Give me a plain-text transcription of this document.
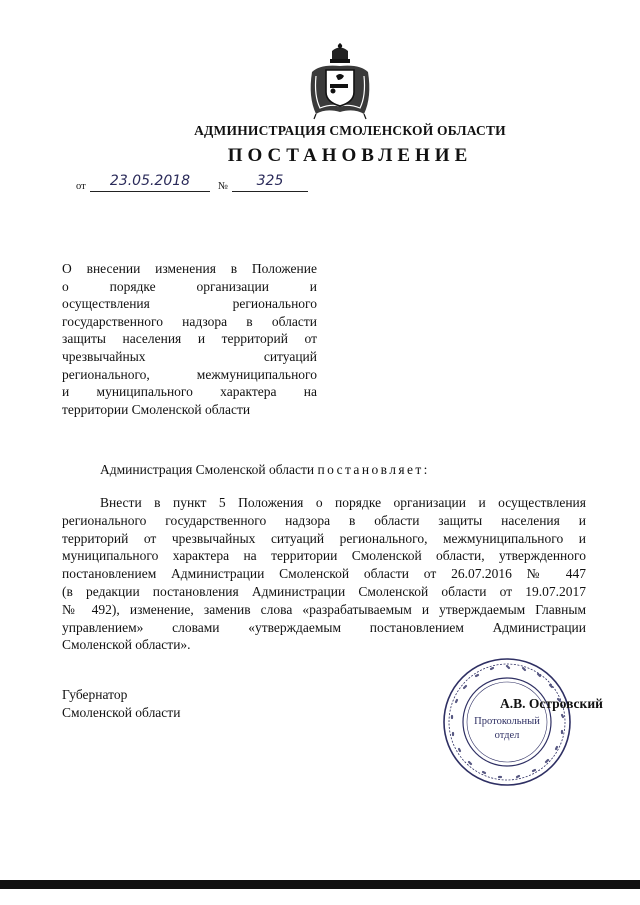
АДМИНИСТРАЦИЯ СМОЛЕНСКОЙ ОБЛАСТИ
ПОСТАНОВЛЕНИЕ
от	23.05.2018	№	325
О внесении изменения в Положение
о порядке организации и
осуществления регионального
государственного надзора в области
защиты населения и территорий от
чрезвычайных ситуаций
регионального, межмуниципального
и муниципального характера на
территории Смоленской области
Администрация Смоленской области постановляет:
Внести в пункт 5 Положения о порядке организации и осуществления
регионального государственного надзора в области защиты населения и
территорий от чрезвычайных ситуаций регионального, межмуниципального и
муниципального характера на территории Смоленской области, утвержденного
постановлением Администрации Смоленской области от 26.07.2016 № 447
(в редакции постановления Администрации Смоленской области от 19.07.2017
№ 492), изменение, заменив слова «разрабатываемым и утверждаемым Главным
управлением» словами «утверждаемым постановлением Администрации
Смоленской области».
Губернатор
Смоленской области
Протокольный
отдел
А.В. Островский
